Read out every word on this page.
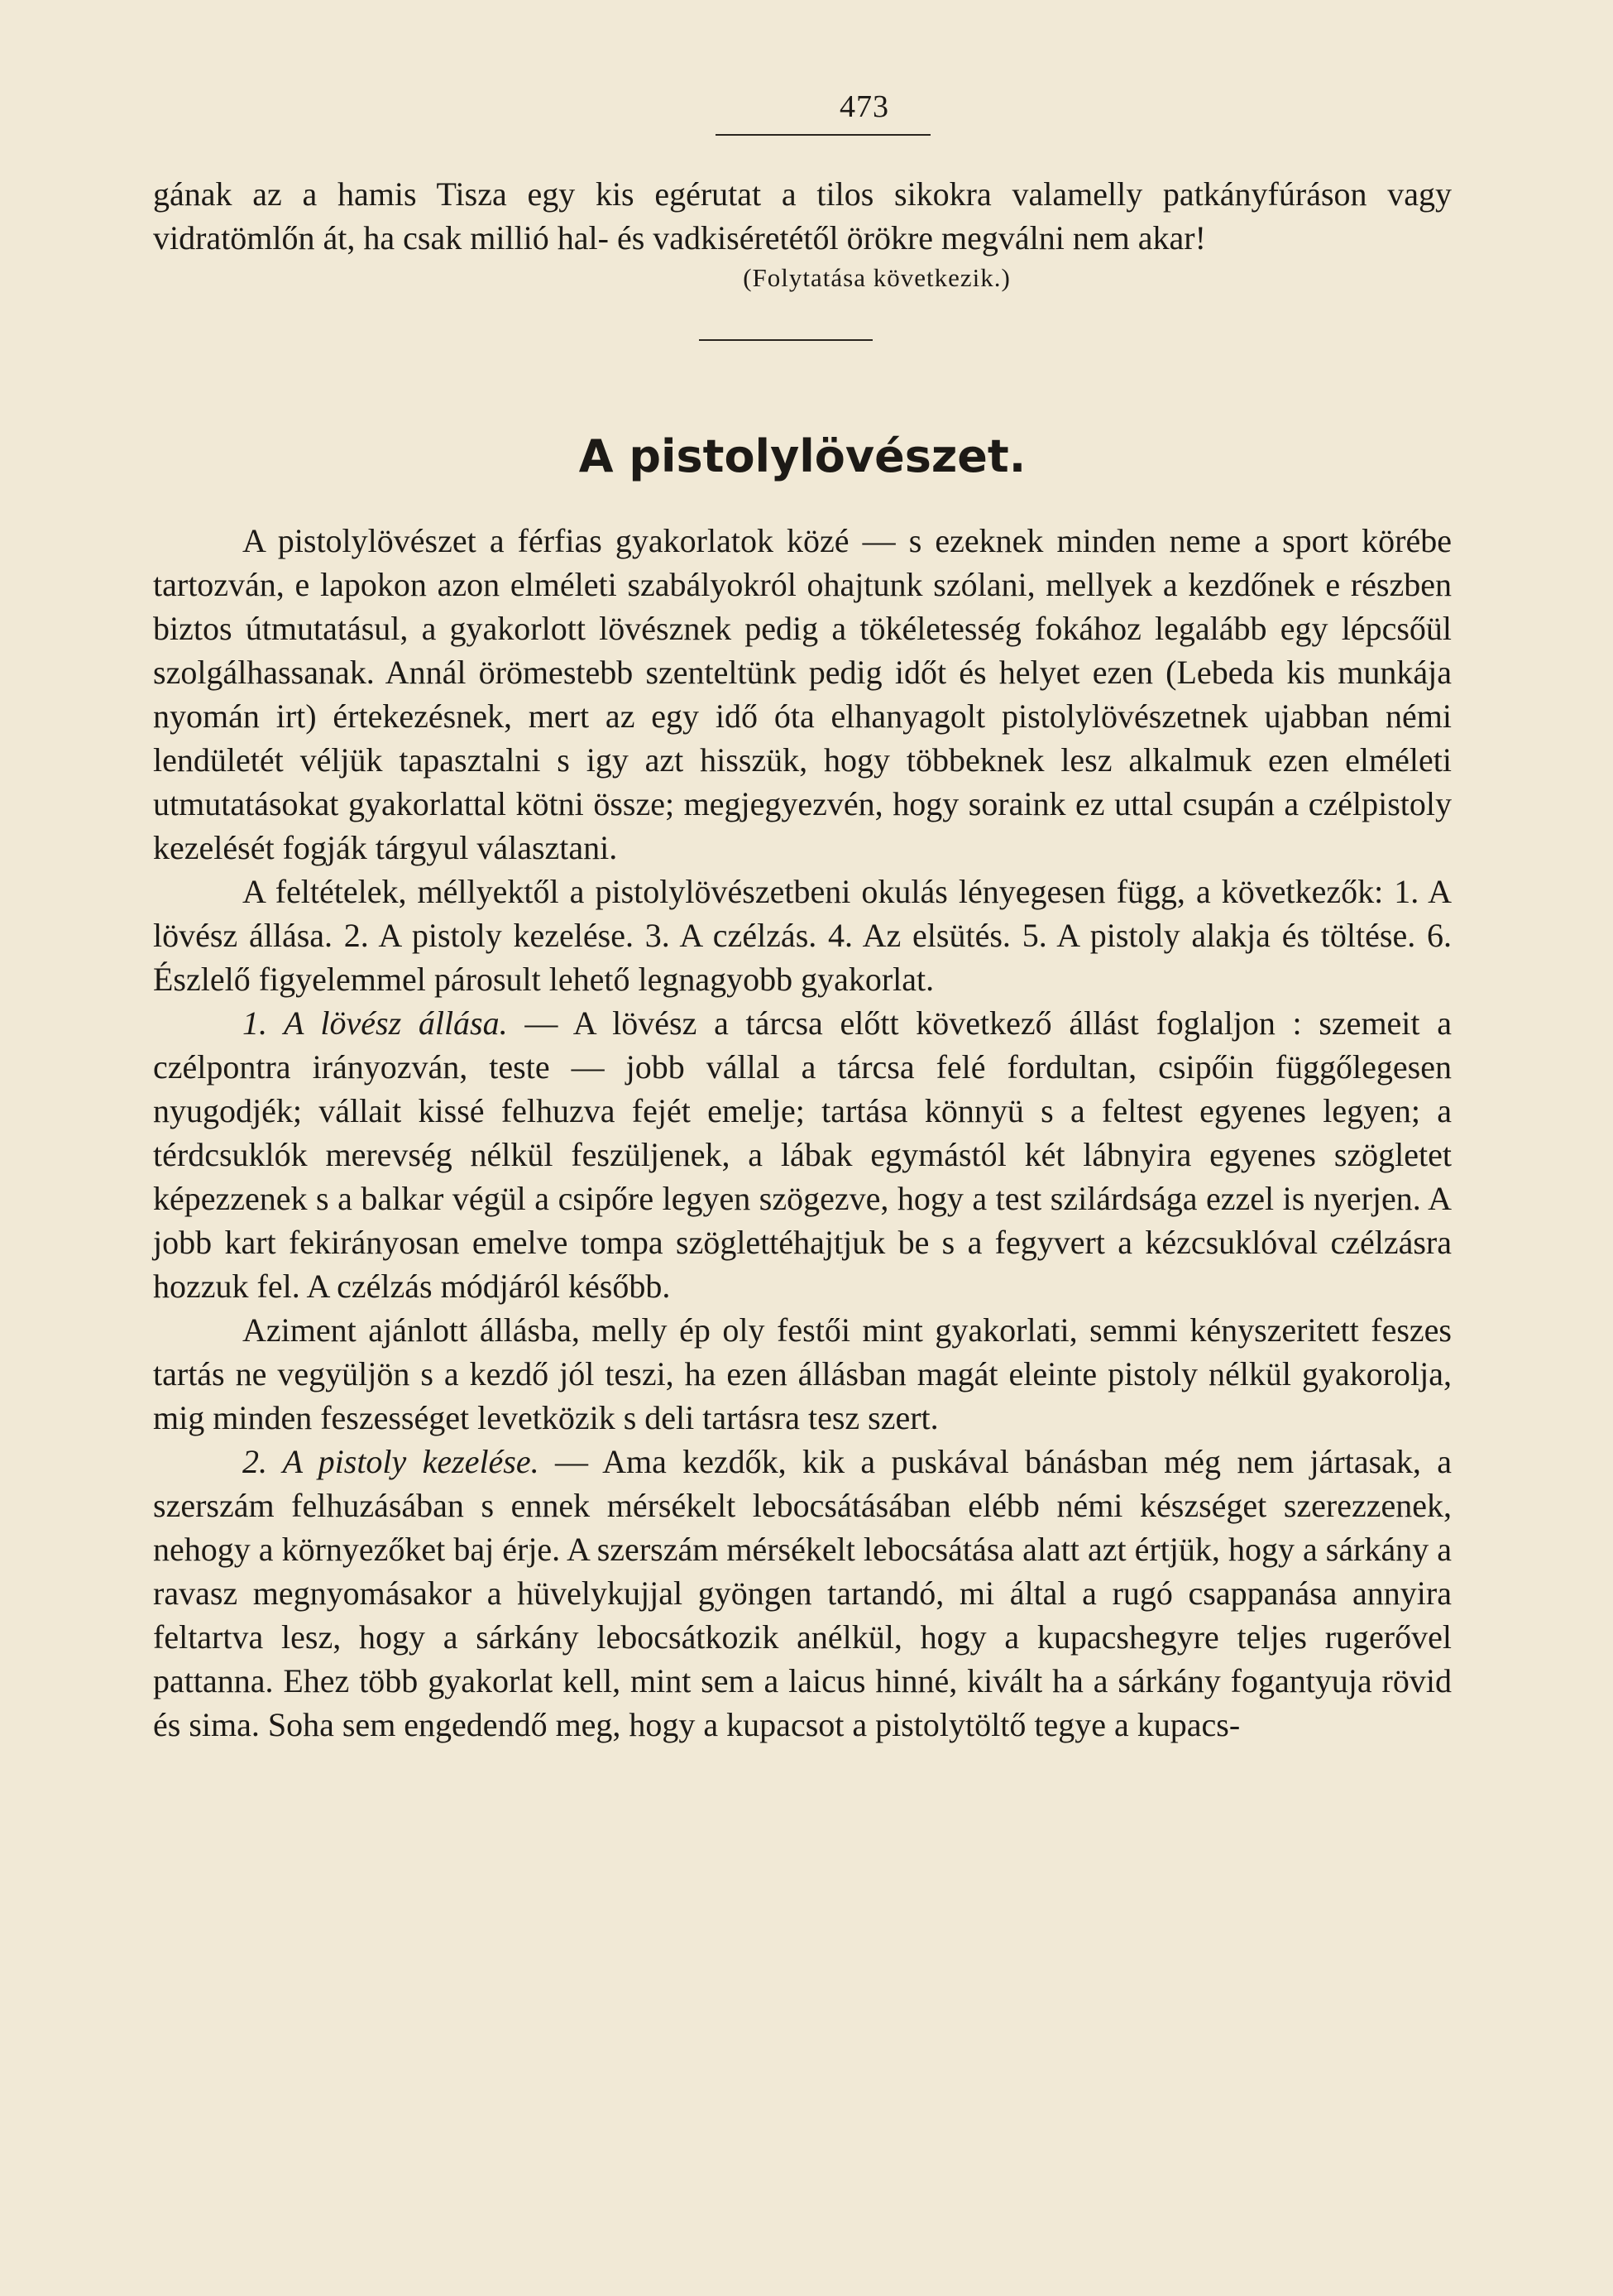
473

gának az a hamis Tisza egy kis egérutat a tilos sikokra valamelly patkányfúráson vagy vidratömlőn át, ha csak millió hal- és vadkiséretétől örökre megválni nem akar!

(Folytatása következik.)
A pistolylövészet.

A pistolylövészet a férfias gyakorlatok közé — s ezeknek minden neme a sport körébe tartozván, e lapokon azon elméleti szabályokról ohajtunk szólani, mellyek a kezdőnek e részben biztos útmutatásul, a gyakorlott lövésznek pedig a tökéletesség fokához legalább egy lépcsőül szolgálhassanak. Annál örömestebb szenteltünk pedig időt és helyet ezen (Lebeda kis munkája nyomán irt) értekezésnek, mert az egy idő óta elhanyagolt pistolylövészetnek ujabban némi lendületét véljük tapasztalni s igy azt hisszük, hogy többeknek lesz alkalmuk ezen elméleti utmutatásokat gyakorlattal kötni össze; megjegyezvén, hogy soraink ez uttal csupán a czélpistoly kezelését fogják tárgyul választani.

A feltételek, méllyektől a pistolylövészetbeni okulás lényegesen függ, a következők: 1. A lövész állása. 2. A pistoly kezelése. 3. A czélzás. 4. Az elsütés. 5. A pistoly alakja és töltése. 6. Észlelő figyelemmel párosult lehető legnagyobb gyakorlat.

1. A lövész állása. — A lövész a tárcsa előtt következő állást foglaljon : szemeit a czélpontra irányozván, teste — jobb vállal a tárcsa felé fordultan, csipőin függőlegesen nyugodjék; vállait kissé felhuzva fejét emelje; tartása könnyü s a feltest egyenes legyen; a térdcsuklók merevség nélkül feszüljenek, a lábak egymástól két lábnyira egyenes szögletet képezzenek s a balkar végül a csipőre legyen szögezve, hogy a test szilárdsága ezzel is nyerjen. A jobb kart fekirányosan emelve tompa szöglettéhajtjuk be s a fegyvert a kézcsuklóval czélzásra hozzuk fel. A czélzás módjáról később.

Aziment ajánlott állásba, melly ép oly festői mint gyakorlati, semmi kényszeritett feszes tartás ne vegyüljön s a kezdő jól teszi, ha ezen állásban magát eleinte pistoly nélkül gyakorolja, mig minden feszességet levetközik s deli tartásra tesz szert.

2. A pistoly kezelése. — Ama kezdők, kik a puskával bánásban még nem jártasak, a szerszám felhuzásában s ennek mérsékelt lebocsátásában elébb némi készséget szerezzenek, nehogy a környezőket baj érje. A szerszám mérsékelt lebocsátása alatt azt értjük, hogy a sárkány a ravasz megnyomásakor a hüvelykujjal gyöngen tartandó, mi által a rugó csappanása annyira feltartva lesz, hogy a sárkány lebocsátkozik anélkül, hogy a kupacshegyre teljes rugerővel pattanna. Ehez több gyakorlat kell, mint sem a laicus hinné, kivált ha a sárkány fogantyuja rövid és sima. Soha sem engedendő meg, hogy a kupacsot a pistolytöltő tegye a kupacs-
